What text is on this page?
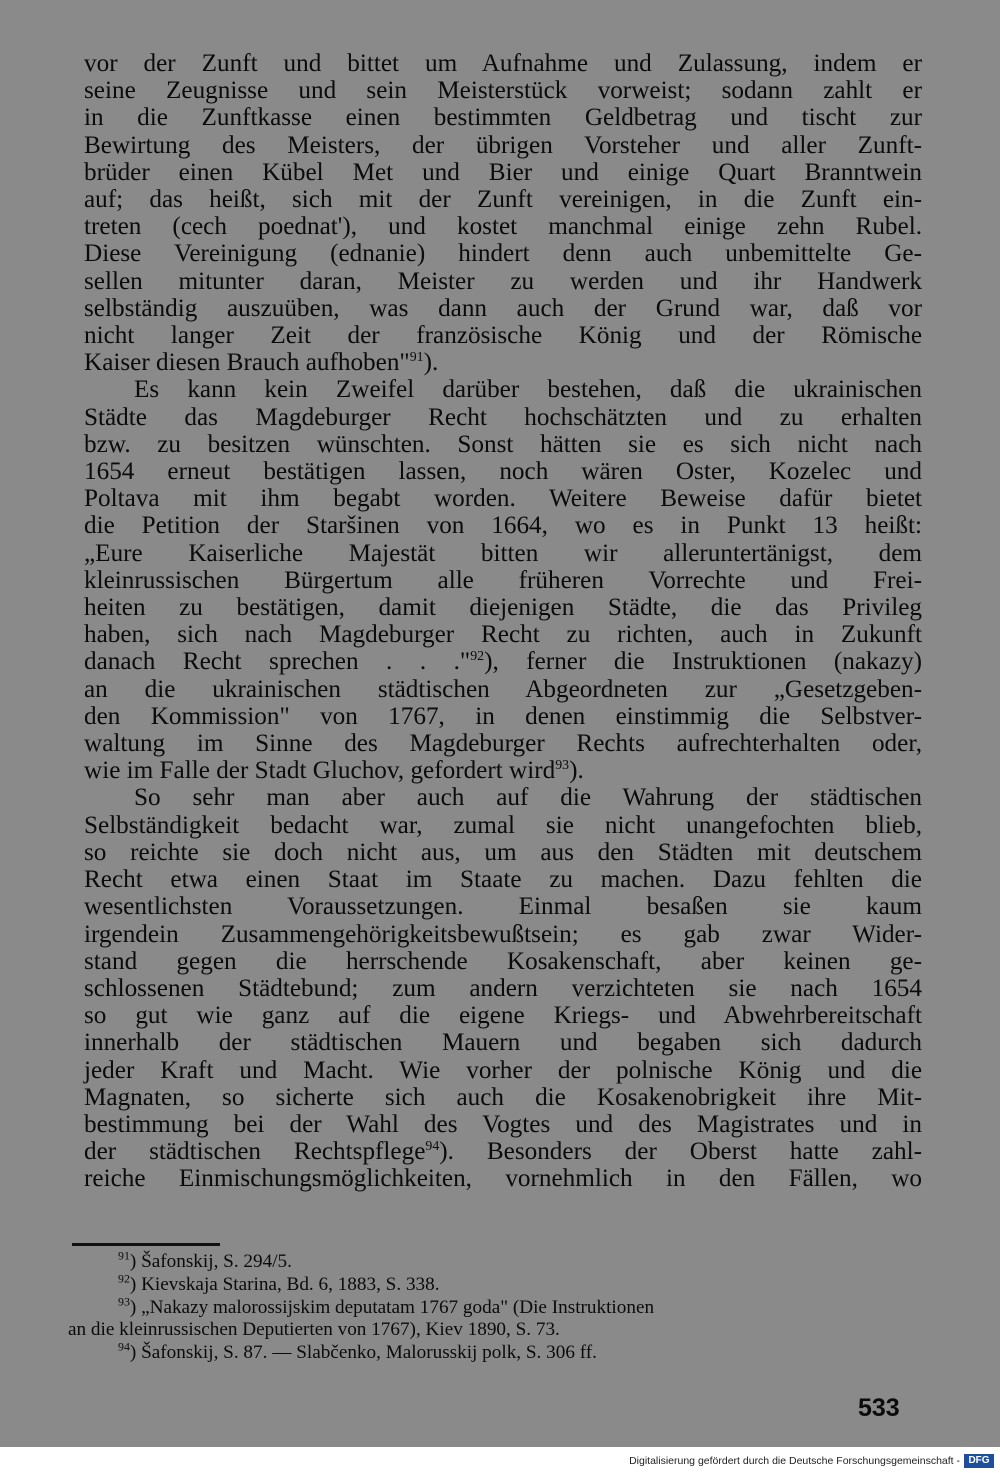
vor der Zunft und bittet um Aufnahme und Zulassung, indem er
seine Zeugnisse und sein Meisterstück vorweist; sodann zahlt er
in die Zunftkasse einen bestimmten Geldbetrag und tischt zur
Bewirtung des Meisters, der übrigen Vorsteher und aller Zunft-
brüder einen Kübel Met und Bier und einige Quart Branntwein
auf; das heißt, sich mit der Zunft vereinigen, in die Zunft ein-
treten (cech poednat'), und kostet manchmal einige zehn Rubel.
Diese Vereinigung (ednanie) hindert denn auch unbemittelte Ge-
sellen mitunter daran, Meister zu werden und ihr Handwerk
selbständig auszuüben, was dann auch der Grund war, daß vor
nicht langer Zeit der französische König und der Römische
Kaiser diesen Brauch aufhoben"$^{91}$).
Es kann kein Zweifel darüber bestehen, daß die ukrainischen
Städte das Magdeburger Recht hochschätzten und zu erhalten
bzw. zu besitzen wünschten. Sonst hätten sie es sich nicht nach
1654 erneut bestätigen lassen, noch wären Oster, Kozelec und
Poltava mit ihm begabt worden. Weitere Beweise dafür bietet
die Petition der Staršinen von 1664, wo es in Punkt 13 heißt:
„Eure Kaiserliche Majestät bitten wir alleruntertänigst, dem
kleinrussischen Bürgertum alle früheren Vorrechte und Frei-
heiten zu bestätigen, damit diejenigen Städte, die das Privileg
haben, sich nach Magdeburger Recht zu richten, auch in Zukunft
danach Recht sprechen . . ."$^{92}$), ferner die Instruktionen (nakazy)
an die ukrainischen städtischen Abgeordneten zur „Gesetzgeben-
den Kommission" von 1767, in denen einstimmig die Selbstver-
waltung im Sinne des Magdeburger Rechts aufrechterhalten oder,
wie im Falle der Stadt Gluchov, gefordert wird$^{93}$).
So sehr man aber auch auf die Wahrung der städtischen
Selbständigkeit bedacht war, zumal sie nicht unangefochten blieb,
so reichte sie doch nicht aus, um aus den Städten mit deutschem
Recht etwa einen Staat im Staate zu machen. Dazu fehlten die
wesentlichsten Voraussetzungen. Einmal besaßen sie kaum
irgendein Zusammengehörigkeitsbewußtsein; es gab zwar Wider-
stand gegen die herrschende Kosakenschaft, aber keinen ge-
schlossenen Städtebund; zum andern verzichteten sie nach 1654
so gut wie ganz auf die eigene Kriegs- und Abwehrbereitschaft
innerhalb der städtischen Mauern und begaben sich dadurch
jeder Kraft und Macht. Wie vorher der polnische König und die
Magnaten, so sicherte sich auch die Kosakenobrigkeit ihre Mit-
bestimmung bei der Wahl des Vogtes und des Magistrates und in
der städtischen Rechtspflege$^{94}$). Besonders der Oberst hatte zahl-
reiche Einmischungsmöglichkeiten, vornehmlich in den Fällen, wo
$^{91}$) Šafonskij, S. 294/5.
$^{92}$) Kievskaja Starina, Bd. 6, 1883, S. 338.
$^{93}$) „Nakazy malorossijskim deputatam 1767 goda" (Die Instruktionen
an die kleinrussischen Deputierten von 1767), Kiev 1890, S. 73.
$^{94}$) Šafonskij, S. 87. — Slabčenko, Malorusskij polk, S. 306 ff.
533
Digitalisierung gefördert durch die Deutsche Forschungsgemeinschaft - DFG
